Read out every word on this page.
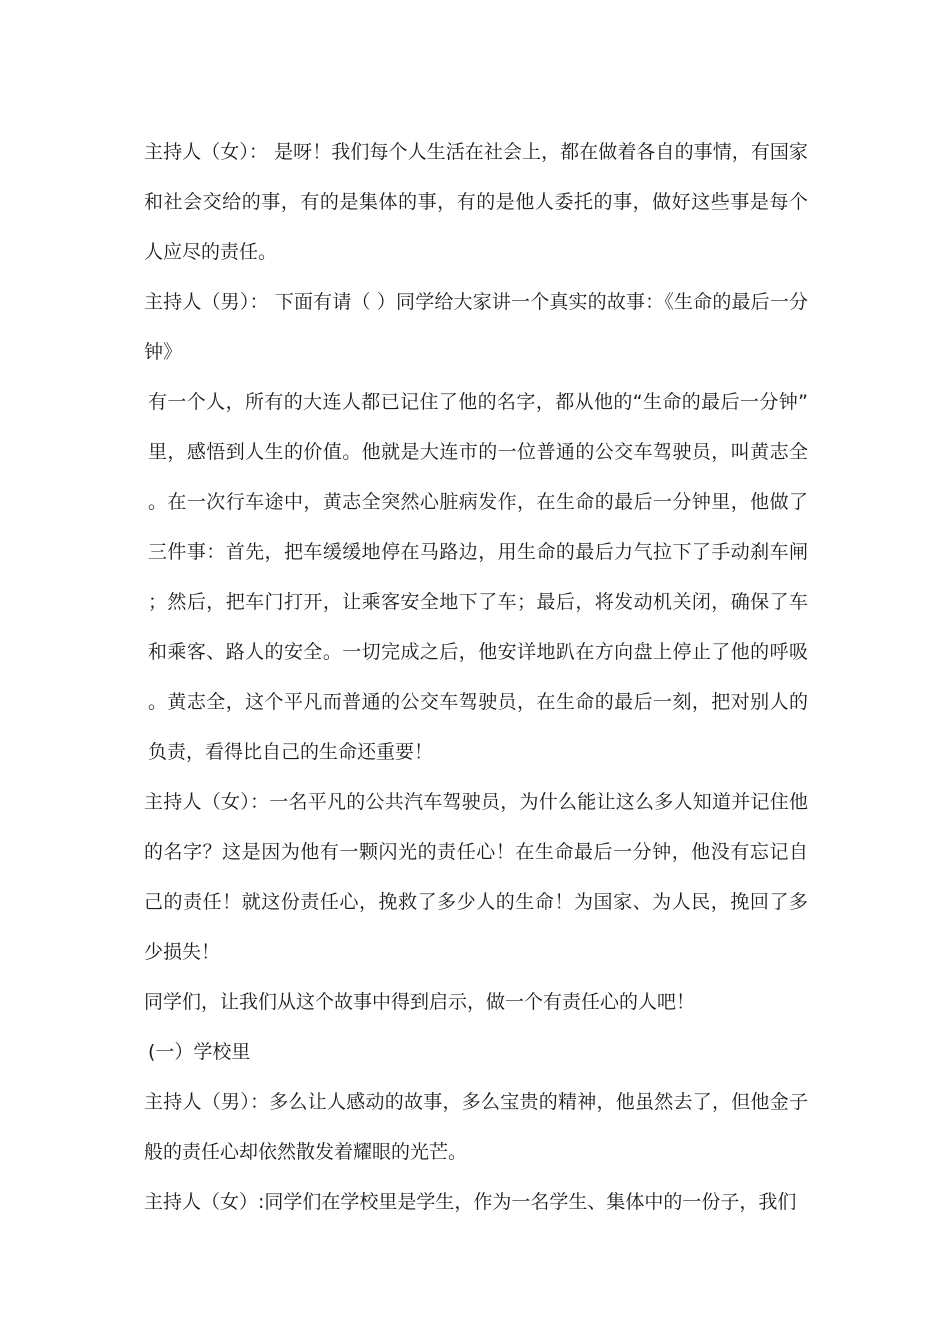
主持人（女）： 是呀！我们每个人生活在社会上，都在做着各自的事情，有国家和社会交给的事，有的是集体的事，有的是他人委托的事，做好这些事是每个人应尽的责任。

主持人（男）： 下面有请（ ）同学给大家讲一个真实的故事：《生命的最后一分钟》

有一个人，所有的大连人都已记住了他的名字，都从他的“生命的最后一分钟”里，感悟到人生的价值。他就是大连市的一位普通的公交车驾驶员，叫黄志全。在一次行车途中，黄志全突然心脏病发作，在生命的最后一分钟里，他做了三件事：首先，把车缓缓地停在马路边，用生命的最后力气拉下了手动刹车闸；然后，把车门打开，让乘客安全地下了车；最后，将发动机关闭，确保了车和乘客、路人的安全。一切完成之后，他安详地趴在方向盘上停止了他的呼吸。黄志全，这个平凡而普通的公交车驾驶员，在生命的最后一刻，把对别人的负责，看得比自己的生命还重要！

主持人（女）：一名平凡的公共汽车驾驶员，为什么能让这么多人知道并记住他的名字？这是因为他有一颗闪光的责任心！在生命最后一分钟，他没有忘记自己的责任！就这份责任心，挽救了多少人的生命！为国家、为人民，挽回了多少损失！

同学们，让我们从这个故事中得到启示，做一个有责任心的人吧！

(一）学校里

主持人（男）：多么让人感动的故事，多么宝贵的精神，他虽然去了，但他金子般的责任心却依然散发着耀眼的光芒。

主持人（女）:同学们在学校里是学生，作为一名学生、集体中的一份子，我们
